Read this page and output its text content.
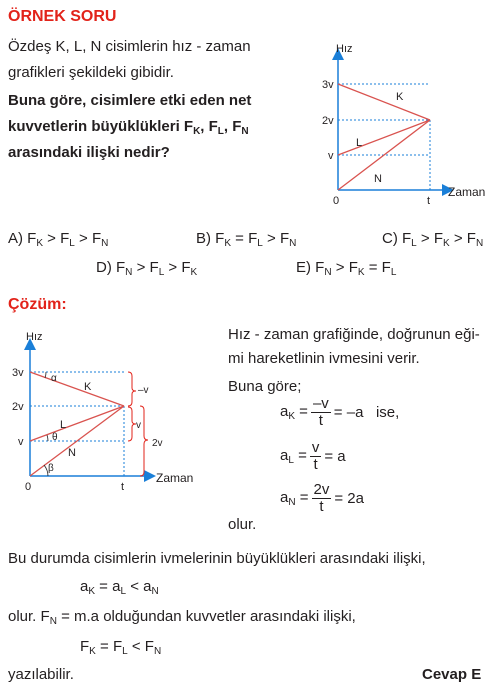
ÖRNEK SORU
Özdeş K, L, N cisimlerin hız - zaman
grafikleri şekildeki gibidir.
Buna göre, cisimlere etki eden net
kuvvetlerin büyüklükleri $F_K$, $F_L$, $F_N$
arasındaki ilişki nedir?
Hız
3v
2v
v
0	t
Zaman
K
L
N
A) $F_K > F_L > F_N$	B) $F_K = F_L > F_N$	C) $F_L > F_K > F_N$
D) $F_N > F_L > F_K$	E) $F_N > F_K = F_L$
Çözüm:
Hız
3v
2v
v
0	t
Zaman
K
L
N
α
θ
β
–v
v
2v
Hız - zaman grafiğinde, doğrunun eği-
mi hareketlinin ivmesini verir.
Buna göre;
$a_K = \frac{-v}{t} = -a$
ise,
$a_L = \frac{v}{t} = a$
$a_N = \frac{2v}{t} = 2a$
olur.
Bu durumda cisimlerin ivmelerinin büyüklükleri arasındaki ilişki,
$a_K = a_L < a_N$
olur. $F_N = m.a$ olduğundan kuvvetler arasındaki ilişki,
$F_K = F_L < F_N$
yazılabilir.	Cevap E
